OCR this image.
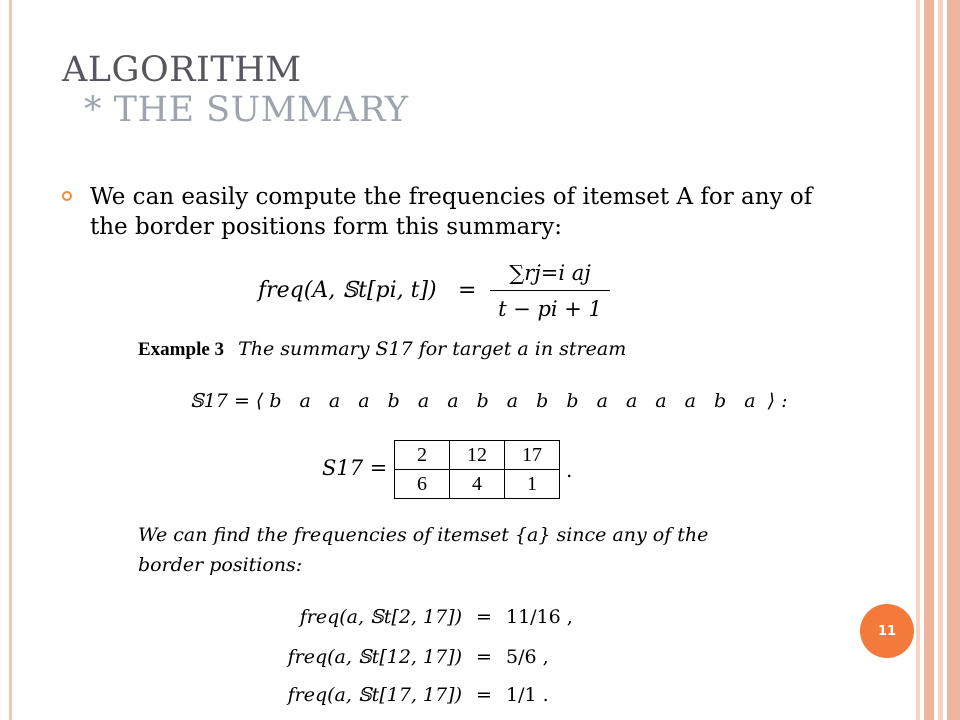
ALGORITHM
* THE SUMMARY

We can easily compute the frequencies of itemset A for any of the border positions form this summary:

freq(A, 𝕊t[pi, $t]) = \frac{\text{∑rj=i aj}}{t - pi + 1}$
Example 3 The summary S17 for target a in stream
𝕊17 = ⟨ b a a a b a a b a b b a a a a b a ⟩ :
S17 =
2	12	17
6	4	1
.
We can find the frequencies of itemset {a} since any of the border positions:
freq(a, 𝕊t[2, 17]) = 11/16 ,
freq(a, 𝕊t[12, 17]) = 5/6 ,
freq(a, 𝕊t[17, 17]) = 1/1 .
11
